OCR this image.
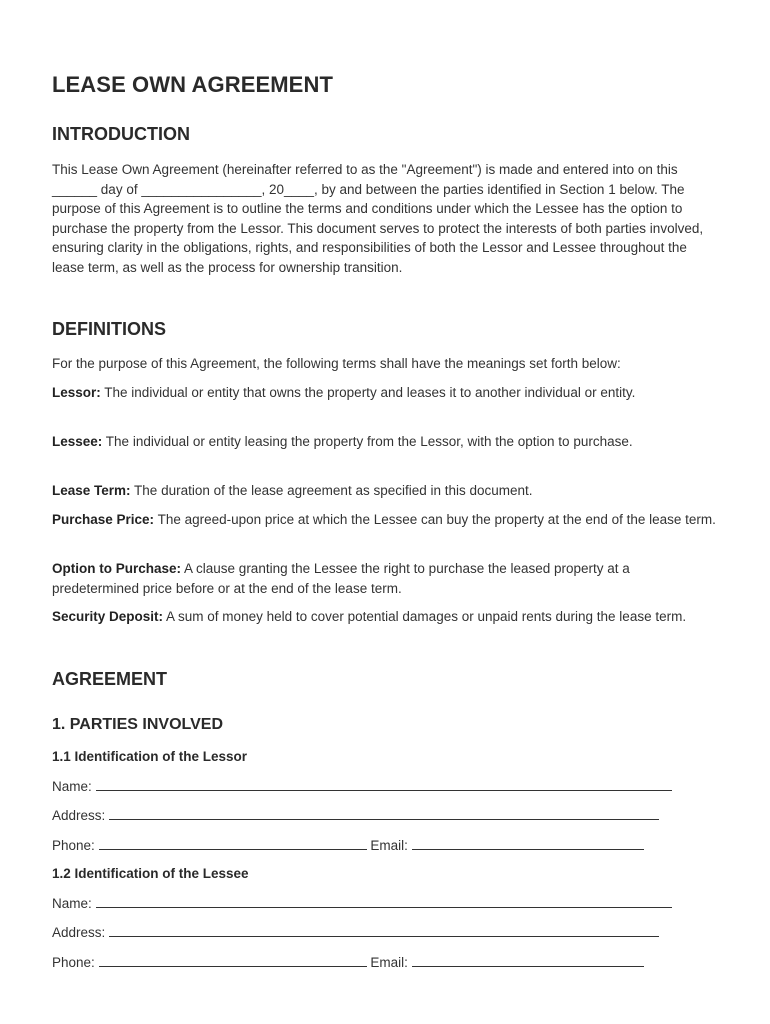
LEASE OWN AGREEMENT
INTRODUCTION

This Lease Own Agreement (hereinafter referred to as the "Agreement") is made and entered into on this ______ day of ________________, 20____, by and between the parties identified in Section 1 below. The purpose of this Agreement is to outline the terms and conditions under which the Lessee has the option to purchase the property from the Lessor. This document serves to protect the interests of both parties involved, ensuring clarity in the obligations, rights, and responsibilities of both the Lessor and Lessee throughout the lease term, as well as the process for ownership transition.

DEFINITIONS

For the purpose of this Agreement, the following terms shall have the meanings set forth below:

Lessor: The individual or entity that owns the property and leases it to another individual or entity.

Lessee: The individual or entity leasing the property from the Lessor, with the option to purchase.

Lease Term: The duration of the lease agreement as specified in this document.

Purchase Price: The agreed-upon price at which the Lessee can buy the property at the end of the lease term.

Option to Purchase: A clause granting the Lessee the right to purchase the leased property at a predetermined price before or at the end of the lease term.

Security Deposit: A sum of money held to cover potential damages or unpaid rents during the lease term.

AGREEMENT
1. PARTIES INVOLVED
1.1 Identification of the Lessor
Name:
Address:
Phone:	Email:
1.2 Identification of the Lessee
Name:
Address:
Phone:	Email:
